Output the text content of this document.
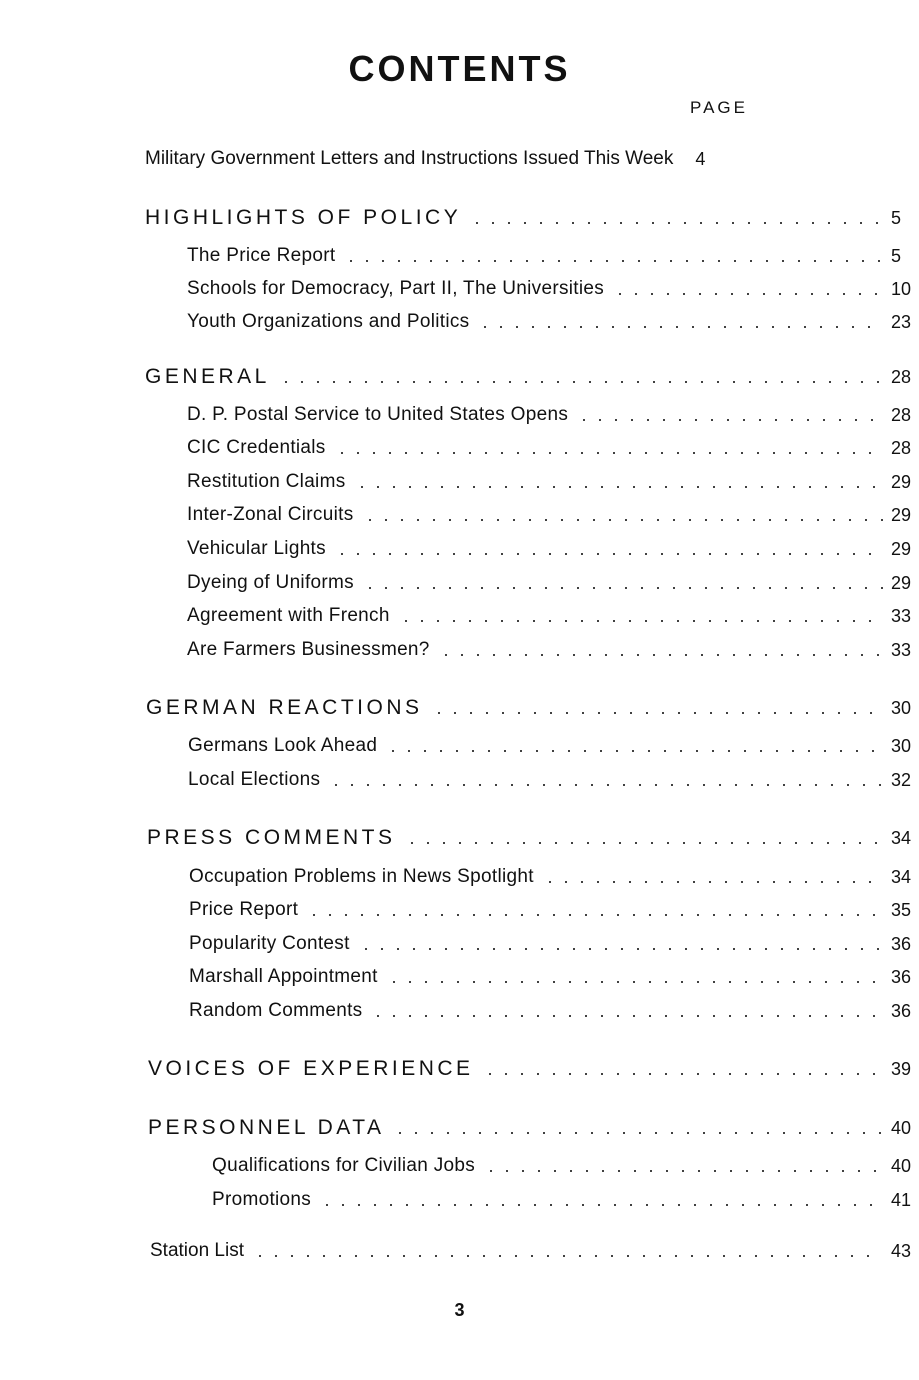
CONTENTS
PAGE
Military Government Letters and Instructions Issued This Week 4
HIGHLIGHTS OF POLICY	5
The Price Report	5
Schools for Democracy, Part II, The Universities	10
Youth Organizations and Politics	23
GENERAL	28
D. P. Postal Service to United States Opens	28
CIC Credentials	28
Restitution Claims	29
Inter-Zonal Circuits	29
Vehicular Lights	29
Dyeing of Uniforms	29
Agreement with French	33
Are Farmers Businessmen?	33
GERMAN REACTIONS	30
Germans Look Ahead	30
Local Elections	32
PRESS COMMENTS	34
Occupation Problems in News Spotlight	34
Price Report	35
Popularity Contest	36
Marshall Appointment	36
Random Comments	36
VOICES OF EXPERIENCE	39
PERSONNEL DATA	40
Qualifications for Civilian Jobs	40
Promotions	41
Station List	43
3
